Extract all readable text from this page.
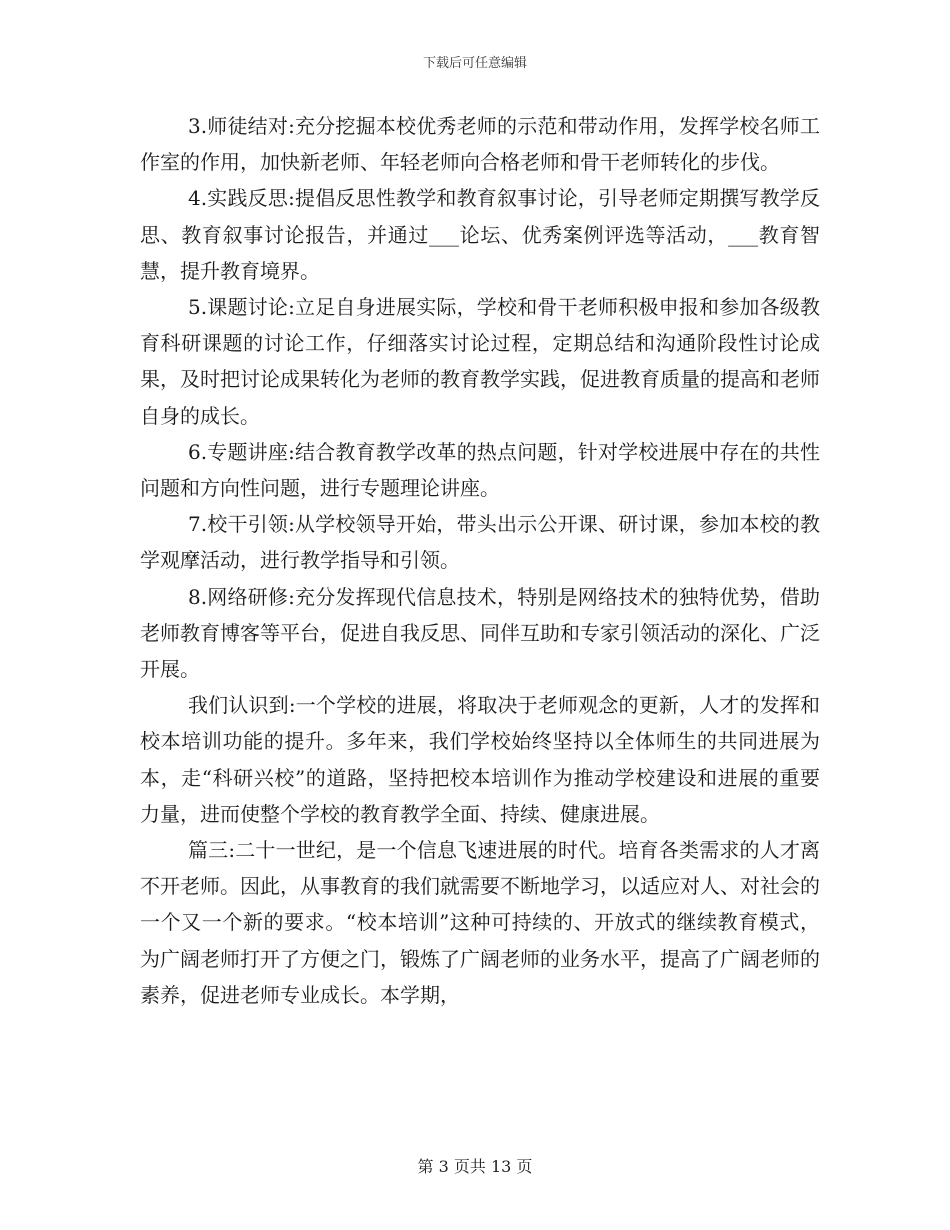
下载后可任意编辑

3.师徒结对:充分挖掘本校优秀老师的示范和带动作用，发挥学校名师工作室的作用，加快新老师、年轻老师向合格老师和骨干老师转化的步伐。

4.实践反思:提倡反思性教学和教育叙事讨论，引导老师定期撰写教学反思、教育叙事讨论报告，并通过___论坛、优秀案例评选等活动，___教育智慧，提升教育境界。

5.课题讨论:立足自身进展实际，学校和骨干老师积极申报和参加各级教育科研课题的讨论工作，仔细落实讨论过程，定期总结和沟通阶段性讨论成果，及时把讨论成果转化为老师的教育教学实践，促进教育质量的提高和老师自身的成长。

6.专题讲座:结合教育教学改革的热点问题，针对学校进展中存在的共性问题和方向性问题，进行专题理论讲座。

7.校干引领:从学校领导开始，带头出示公开课、研讨课，参加本校的教学观摩活动，进行教学指导和引领。

8.网络研修:充分发挥现代信息技术，特别是网络技术的独特优势，借助老师教育博客等平台，促进自我反思、同伴互助和专家引领活动的深化、广泛开展。

我们认识到:一个学校的进展，将取决于老师观念的更新，人才的发挥和校本培训功能的提升。多年来，我们学校始终坚持以全体师生的共同进展为本，走“科研兴校”的道路，坚持把校本培训作为推动学校建设和进展的重要力量，进而使整个学校的教育教学全面、持续、健康进展。

篇三:二十一世纪，是一个信息飞速进展的时代。培育各类需求的人才离不开老师。因此，从事教育的我们就需要不断地学习，以适应对人、对社会的一个又一个新的要求。“校本培训”这种可持续的、开放式的继续教育模式，为广阔老师打开了方便之门，锻炼了广阔老师的业务水平，提高了广阔老师的素养，促进老师专业成长。本学期，

第 3 页共 13 页
